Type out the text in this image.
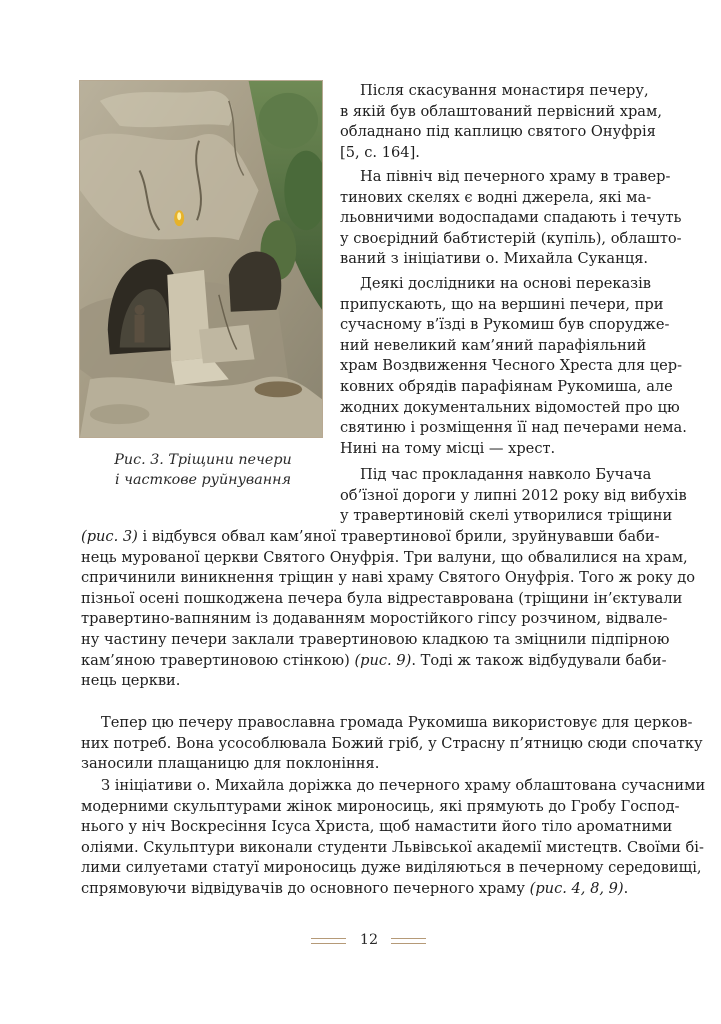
Рис. 3. Тріщини печери
і часткове руйнування
Після скасування монастиря печеру,
в якій був облаштований первісний храм,
обладнано під каплицю святого Онуфрія
[5, с. 164].
На північ від печерного храму в травер-
тинових скелях є водні джерела, які ма-
льовничими водоспадами спадають і течуть
у своєрідний бабтистерій (купіль), облашто-
ваний з ініціативи о. Михайла Суканця.
Деякі дослідники на основі переказів
припускають, що на вершині печери, при
сучасному в’їзді в Рукомиш був споруджe-
ний невеликий кам’яний парафіяльний
храм Воздвиження Чесного Хреста для цер-
ковних обрядів парафіянам Рукомиша, але
жодних документальних відомостей про цю
святиню і розміщення її над печерами нема.
Нині на тому місці — хрест.
Під час прокладання навколо Бучача
об’їзної дороги у липні 2012 року від вибухів
у травертиновій скелі утворилися тріщини
(рис. 3) і відбувся обвал кам’яної травертинової брили, зруйнувавши баби-
нець мурованої церкви Святого Онуфрія. Три валуни, що обвалилися на храм,
спричинили виникнення тріщин у наві храму Святого Онуфрія. Того ж року до
пізньої осені пошкоджена печера була відреставрована (тріщини ін’єктували
травертино-вапняним із додаванням моростійкого гіпсу розчином, відвале-
ну частину печери заклали травертиновою кладкою та зміцнили підпірною
кам’яною травертиновою стінкою) (рис. 9). Тоді ж також відбудували баби-
нець церкви.
Тепер цю печеру православна громада Рукомиша використовує для церков-
них потреб. Вона усособлювала Божий гріб, у Страсну п’ятницю сюди спочатку
заносили плащаницю для поклоніння.
З ініціативи о. Михайла доріжка до печерного храму облаштована сучасними
модерними скульптурами жінок мироносиць, які прямують до Гробу Господ-
нього у ніч Воскресіння Ісуса Христа, щоб намастити його тіло ароматними
оліями. Скульптури виконали студенти Львівської академії мистецтв. Своїми бі-
лими силуетами статуї мироносиць дуже виділяються в печерному середовищі,
спрямовуючи відвідувачів до основного печерного храму (рис. 4, 8, 9).
12
